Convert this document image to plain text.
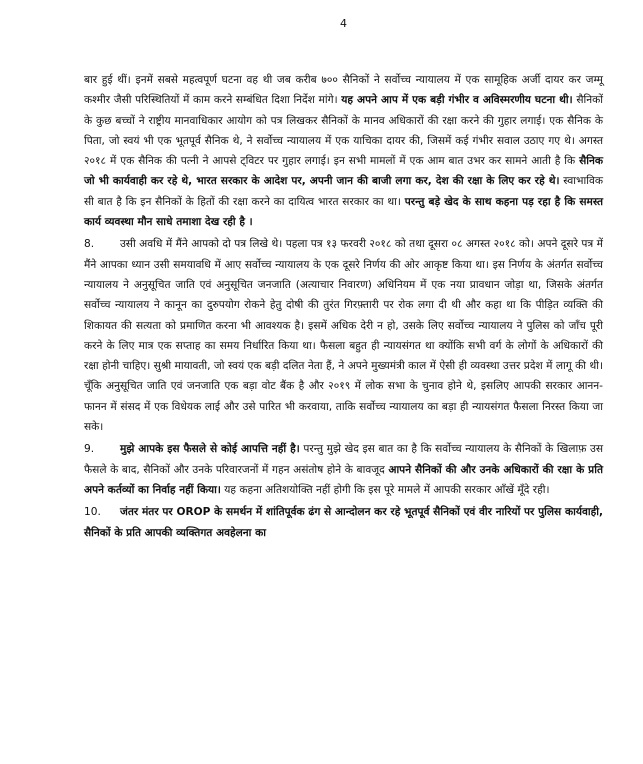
4

बार हुई थीं। इनमें सबसे महत्वपूर्ण घटना वह थी जब करीब ७०० सैनिकों ने सर्वोच्च न्यायालय में एक सामूहिक अर्जी दायर कर जम्मू कश्मीर जैसी परिस्थितियों में काम करने सम्बंधित दिशा निर्देश मांगे। यह अपने आप में एक बड़ी गंभीर व अविस्मरणीय घटना थी। सैनिकों के कुछ बच्चों ने राष्ट्रीय मानवाधिकार आयोग को पत्र लिखकर सैनिकों के मानव अधिकारों की रक्षा करने की गुहार लगाई। एक सैनिक के पिता, जो स्वयं भी एक भूतपूर्व सैनिक थे, ने सर्वोच्च न्यायालय में एक याचिका दायर की, जिसमें कई गंभीर सवाल उठाए गए थे। अगस्त २०१८ में एक सैनिक की पत्नी ने आपसे ट्विटर पर गुहार लगाई। इन सभी मामलों में एक आम बात उभर कर सामने आती है कि सैनिक जो भी कार्यवाही कर रहे थे, भारत सरकार के आदेश पर, अपनी जान की बाजी लगा कर, देश की रक्षा के लिए कर रहे थे। स्वाभाविक सी बात है कि इन सैनिकों के हितों की रक्षा करने का दायित्व भारत सरकार का था। परन्तु बड़े खेद के साथ कहना पड़ रहा है कि समस्त कार्य व्यवस्था मौन साधे तमाशा देख रही है ।

8. उसी अवधि में मैंने आपको दो पत्र लिखे थे। पहला पत्र १३ फरवरी २०१८ को तथा दूसरा ०८ अगस्त २०१८ को। अपने दूसरे पत्र में मैंने आपका ध्यान उसी समयावधि में आए सर्वोच्च न्यायालय के एक दूसरे निर्णय की ओर आकृष्ट किया था। इस निर्णय के अंतर्गत सर्वोच्च न्यायालय ने अनुसूचित जाति एवं अनुसूचित जनजाति (अत्याचार निवारण) अधिनियम में एक नया प्रावधान जोड़ा था, जिसके अंतर्गत सर्वोच्च न्यायालय ने कानून का दुरुपयोग रोकने हेतु दोषी की तुरंत गिरफ़्तारी पर रोक लगा दी थी और कहा था कि पीड़ित व्यक्ति की शिकायत की सत्यता को प्रमाणित करना भी आवश्यक है। इसमें अधिक देरी न हो, उसके लिए सर्वोच्च न्यायालय ने पुलिस को जाँच पूरी करने के लिए मात्र एक सप्ताह का समय निर्धारित किया था। फैसला बहुत ही न्यायसंगत था क्योंकि सभी वर्ग के लोगों के अधिकारों की रक्षा होनी चाहिए। सुश्री मायावती, जो स्वयं एक बड़ी दलित नेता हैं, ने अपने मुख्यमंत्री काल में ऐसी ही व्यवस्था उत्तर प्रदेश में लागू की थी। चूँकि अनुसूचित जाति एवं जनजाति एक बड़ा वोट बैंक है और २०१९ में लोक सभा के चुनाव होने थे, इसलिए आपकी सरकार आनन-फानन में संसद में एक विधेयक लाई और उसे पारित भी करवाया, ताकि सर्वोच्च न्यायालय का बड़ा ही न्यायसंगत फैसला निरस्त किया जा सके।

9. मुझे आपके इस फैसले से कोई आपत्ति नहीं है। परन्तु मुझे खेद इस बात का है कि सर्वोच्च न्यायालय के सैनिकों के खिलाफ़ उस फैसले के बाद, सैनिकों और उनके परिवारजनों में गहन असंतोष होने के बावजूद आपने सैनिकों की और उनके अधिकारों की रक्षा के प्रति अपने कर्तव्यों का निर्वाह नहीं किया। यह कहना अतिशयोक्ति नहीं होगी कि इस पूरे मामले में आपकी सरकार आँखें मूँदे रही।

10. जंतर मंतर पर OROP के समर्थन में शांतिपूर्वक ढंग से आन्दोलन कर रहे भूतपूर्व सैनिकों एवं वीर नारियों पर पुलिस कार्यवाही, सैनिकों के प्रति आपकी व्यक्तिगत अवहेलना का
